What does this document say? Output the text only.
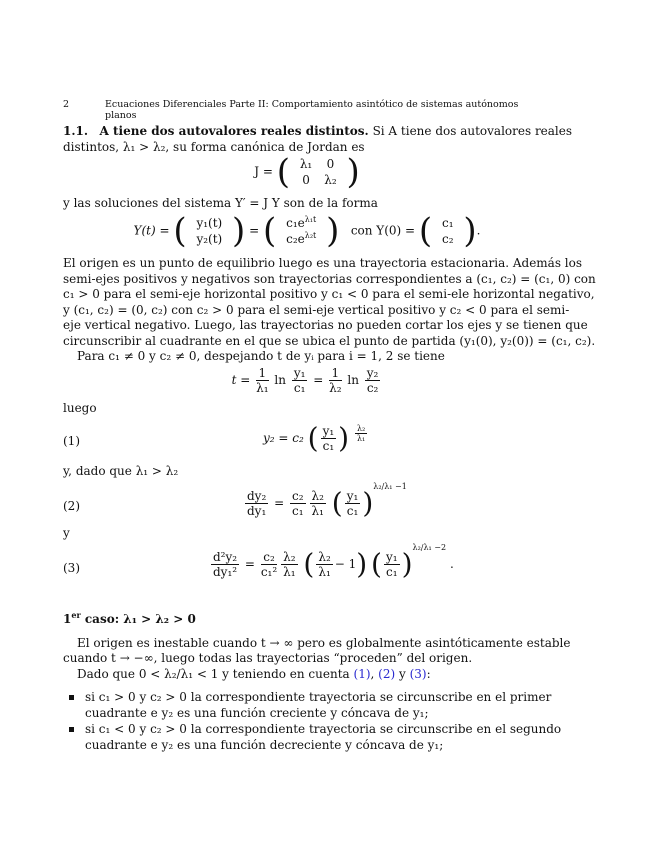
2	Ecuaciones Diferenciales Parte II: Comportamiento asintótico de sistemas autónomos planos
1.1. A tiene dos autovalores reales distintos. Si A tiene dos autovalores reales
distintos, λ₁ > λ₂, su forma canónica de Jordan es
J = ( λ₁	0
0	λ₂ )
y las soluciones del sistema Y′ = J Y son de la forma
Y(t) = ( y₁(t)
y₂(t) ) = ( $c_1e^{\lambda_1t}$
$c_2e^{\lambda_2t}$ ) con Y(0) = ( c₁
c₂ ).
El origen es un punto de equilibrio luego es una trayectoria estacionaria. Además los
semi-ejes positivos y negativos son trayectorias correspondientes a (c₁, c₂) = (c₁, 0) con
c₁ > 0 para el semi-eje horizontal positivo y c₁ < 0 para el semi-ele horizontal negativo,
y (c₁, c₂) = (0, c₂) con c₂ > 0 para el semi-eje vertical positivo y c₂ < 0 para el semi-
eje vertical negativo. Luego, las trayectorias no pueden cortar los ejes y se tienen que
circunscribir al cuadrante en el que se ubica el punto de partida (y₁(0), y₂(0)) = (c₁, c₂).
Para c₁ ≠ 0 y c₂ ≠ 0, despejando t de yᵢ para i = 1, 2 se tiene
$t = \frac{1}{\text{λ₁}}$ $\ln \frac{\text{y₁}}{\text{c₁}} = \frac{1}{\text{λ₂}}$ $\ln \frac{\text{y₂}}{\text{c₂}}$
luego
(1)	y₂ = c₂ ( $\frac{\text{y₁}}{\text{c₁}}$ ) $\frac{\text{λ₂}}{\text{λ₁}}$
y, dado que λ₁ > λ₂
(2)	$\frac{\text{dy₂}}{\text{dy₁}} = \frac{\text{c₂}}{\text{c₁}} \frac{\text{λ₂}}{\text{λ₁}}$ ( $\frac{\text{y₁}}{\text{c₁}} )^{\lambda_2/\lambda_1 -1}$
y
(3)	$\frac{\text{d²y₂}}{\text{dy₁²}} = \frac{\text{c₂}}{\text{c₁²}} \frac{\text{λ₂}}{\text{λ₁}}$ ( $\frac{\text{λ₂}}{\text{λ₁}} - 1$) ( $\frac{\text{y₁}}{\text{c₁}} )^{\lambda_2/\lambda_1 -2}$ .
1er caso: λ₁ > λ₂ > 0
El origen es inestable cuando t → ∞ pero es globalmente asintóticamente estable
cuando t → −∞, luego todas las trayectorias “proceden” del origen.
Dado que 0 < λ₂/λ₁ < 1 y teniendo en cuenta (1), (2) y (3):
si c₁ > 0 y c₂ > 0 la correspondiente trayectoria se circunscribe en el primer
cuadrante e y₂ es una función creciente y cóncava de y₁;
si c₁ < 0 y c₂ > 0 la correspondiente trayectoria se circunscribe en el segundo
cuadrante e y₂ es una función decreciente y cóncava de y₁;
